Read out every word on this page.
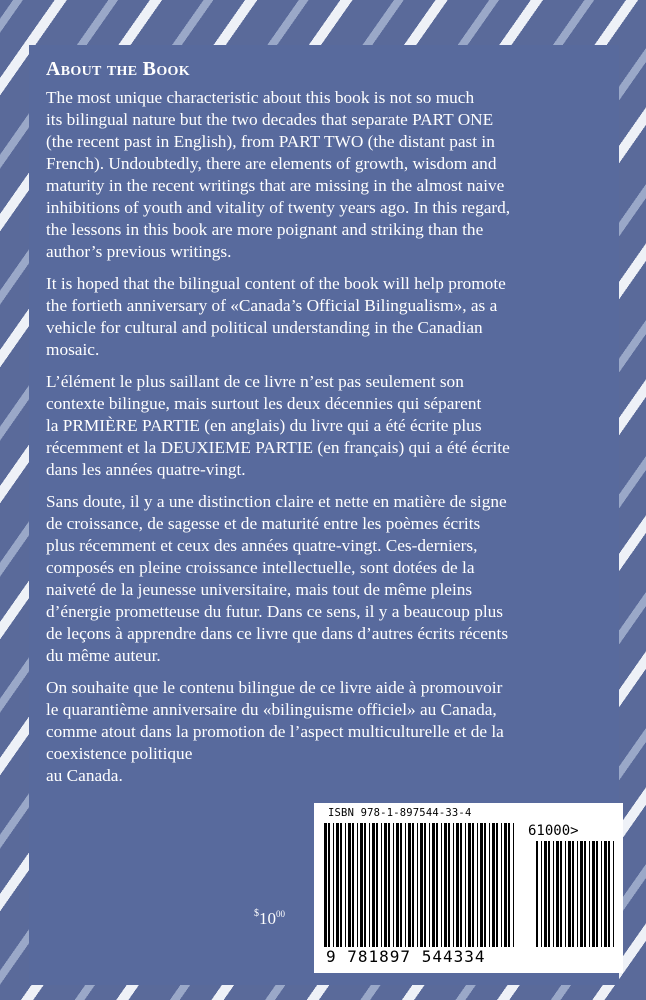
About the Book

The most unique characteristic about this book is not so much
its bilingual nature but the two decades that separate PART ONE
(the recent past in English), from PART TWO (the distant past in
French). Undoubtedly, there are elements of growth, wisdom and
maturity in the recent writings that are missing in the almost naive
inhibitions of youth and vitality of twenty years ago. In this regard,
the lessons in this book are more poignant and striking than the
author’s previous writings.

It is hoped that the bilingual content of the book will help promote
the fortieth anniversary of «Canada’s Official Bilingualism», as a
vehicle for cultural and political understanding in the Canadian
mosaic.

L’élément le plus saillant de ce livre n’est pas seulement son
contexte bilingue, mais surtout les deux décennies qui séparent
la PRMIÈRE PARTIE (en anglais) du livre qui a été écrite plus
récemment et la DEUXIEME PARTIE (en français) qui a été écrite
dans les années quatre-vingt.

Sans doute, il y a une distinction claire et nette en matière de signe
de croissance, de sagesse et de maturité entre les poèmes écrits
plus récemment et ceux des années quatre-vingt. Ces-derniers,
composés en pleine croissance intellectuelle, sont dotées de la
naiveté de la jeunesse universitaire, mais tout de même pleins
d’énergie prometteuse du futur. Dans ce sens, il y a beaucoup plus
de leçons à apprendre dans ce livre que dans d’autres écrits récents
du même auteur.

On souhaite que le contenu bilingue de ce livre aide à promouvoir
le quarantième anniversaire du «bilinguisme officiel» au Canada,
comme atout dans la promotion de l’aspect multiculturelle et de la
coexistence politique
au Canada.

$^{\$}10^{00}$
ISBN 978-1-897544-33-4
61000>
9 781897 544334
